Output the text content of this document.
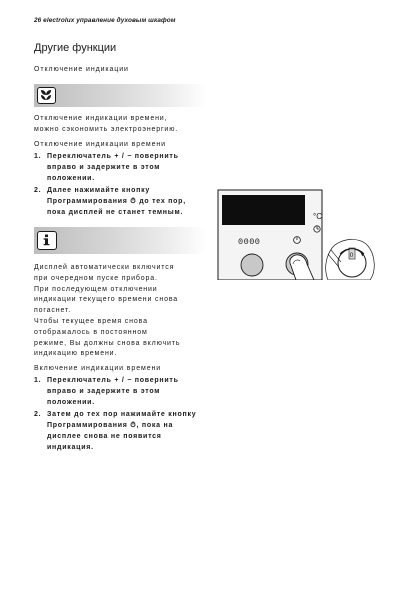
26 electrolux управление духовым шкафом
Другие функции
Отключение индикации
Отключение индикации времени,
можно сэкономить электроэнергию.
Отключение индикации времени
1. Переключатель + / − повернить
вправо и задержите в этом
положении.
2. Далее нажимайте кнопку
Программирования ⏱ до тех пор,
пока дисплей не станет темным.
Дисплей автоматически включится
при очередном пуске прибора.
При последующем отключении
индикации текущего времени снова
погаснет.
Чтобы текущее время снова
отображалось в постоянном
режиме, Вы должны снова включить
индикацию времени.
Включение индикации времени
1. Переключатель + / − повернить
вправо и задержите в этом
положении.
2. Затем до тех пор нажимайте кнопку
Программирования ⏱, пока на
дисплее снова не появится
индикация.
°C
0000
0
